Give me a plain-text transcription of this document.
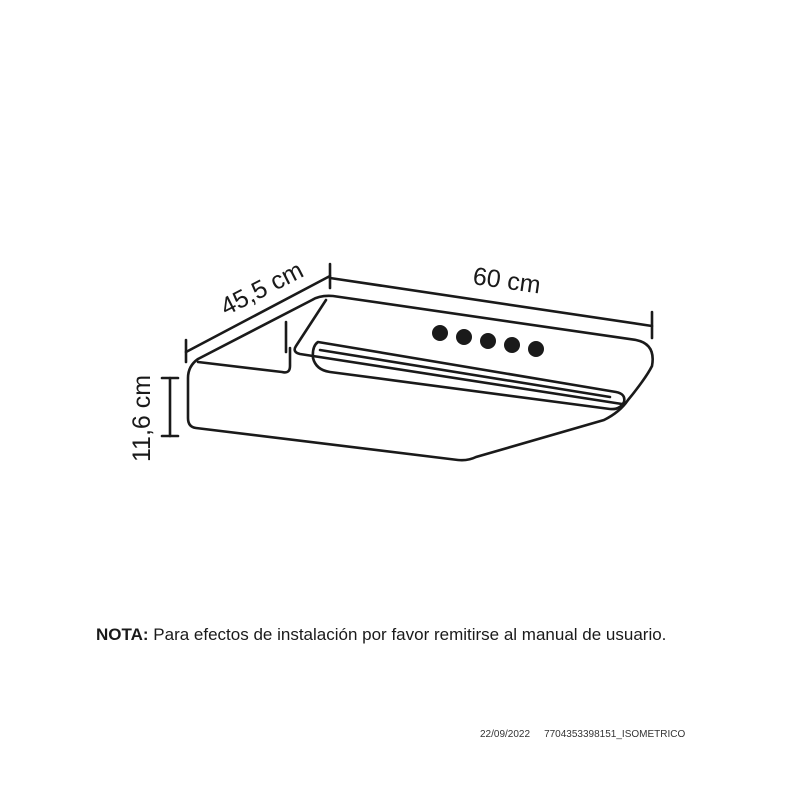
45,5 cm	60 cm
11,6 cm
NOTA: Para efectos de instalación por favor remitirse al manual de usuario.
22/09/2022 7704353398151_ISOMETRICO
